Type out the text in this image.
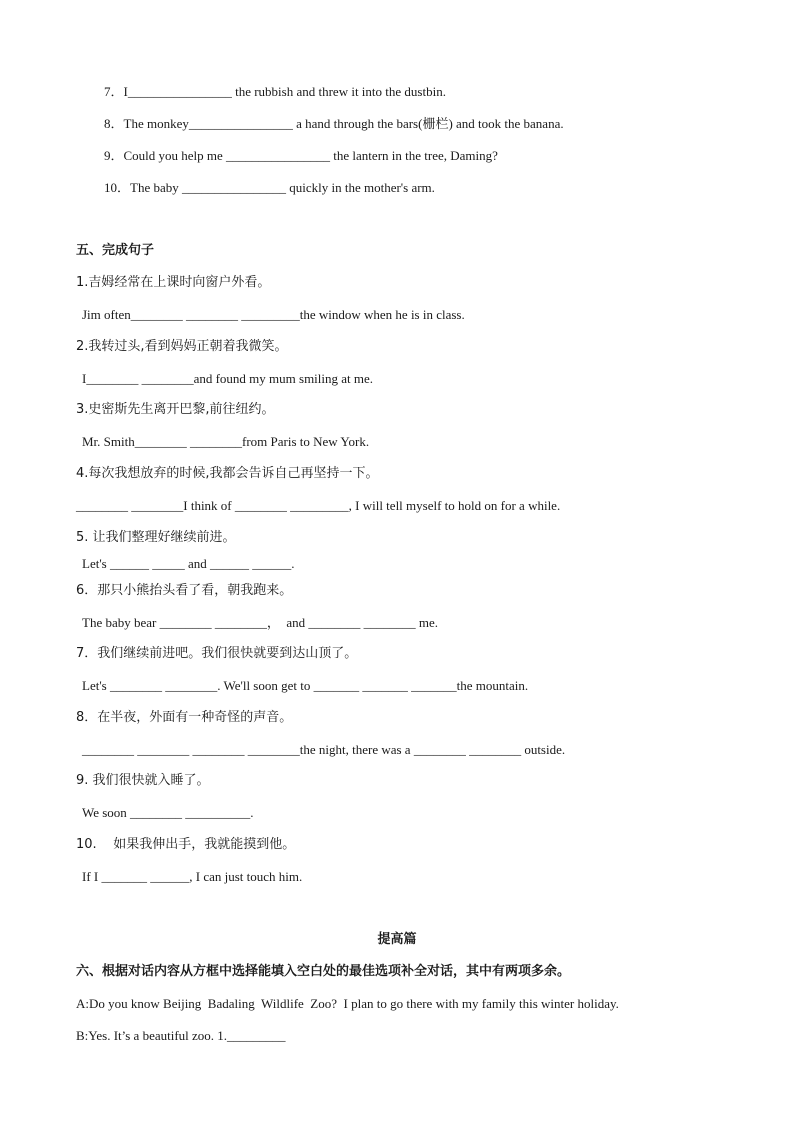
7．I________________ the rubbish and threw it into the dustbin.
8．The monkey________________ a hand through the bars(栅栏) and took the banana.
9．Could you help me ________________ the lantern in the tree, Daming?
10．The baby ________________ quickly in the mother's arm.
五、完成句子
1.吉姆经常在上课时向窗户外看。
Jim often________ ________ _________the window when he is in class.
2.我转过头,看到妈妈正朝着我微笑。
I________ ________and found my mum smiling at me.
3.史密斯先生离开巴黎,前往纽约。
Mr. Smith________ ________from Paris to New York.
4.每次我想放弃的时候,我都会告诉自己再坚持一下。
________ ________I think of ________ _________, I will tell myself to hold on for a while.
5. 让我们整理好继续前进。
Let's ______ _____ and ______ ______.
6．那只小熊抬头看了看，朝我跑来。
The baby bear ________ ________，  and ________ ________ me.
7．我们继续前进吧。我们很快就要到达山顶了。
Let's ________ ________. We'll soon get to _______ _______ _______the mountain.
8．在半夜，外面有一种奇怪的声音。
________ ________ ________ ________the night, there was a ________ ________ outside.
9. 我们很快就入睡了。
We soon ________ __________.
10.    如果我伸出手，我就能摸到他。
If I _______ ______, I can just touch him.
提高篇
六、根据对话内容从方框中选择能填入空白处的最佳选项补全对话，其中有两项多余。
A:Do you know Beijing  Badaling  Wildlife  Zoo?  I plan to go there with my family this winter holiday.
B:Yes. It’s a beautiful zoo. 1._________
